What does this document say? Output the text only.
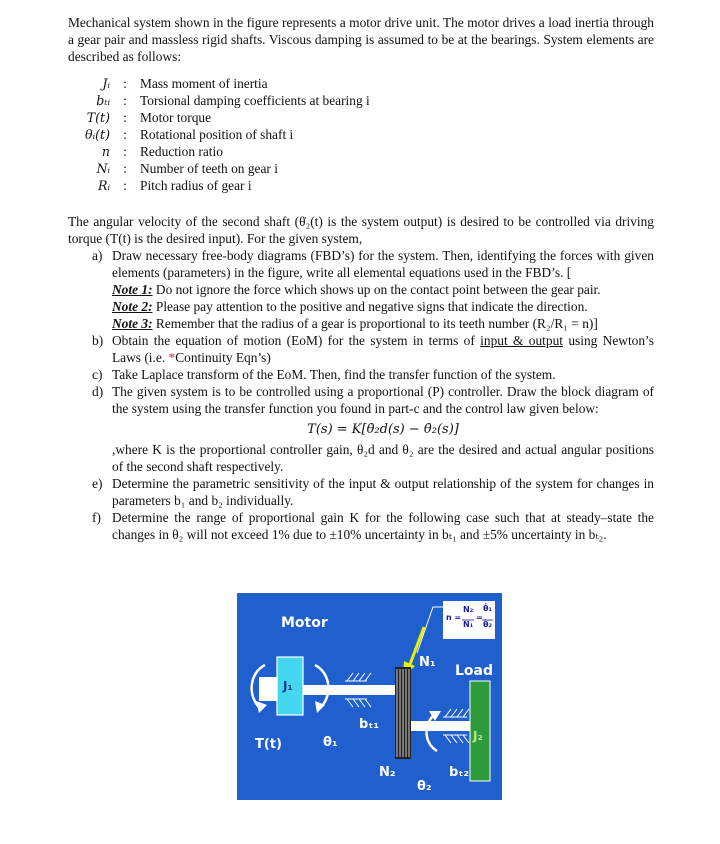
Mechanical system shown in the figure represents a motor drive unit. The motor drives a load inertia through a gear pair and massless rigid shafts. Viscous damping is assumed to be at the bearings. System elements are described as follows:

Jᵢ	:	Mass moment of inertia
bₜᵢ	:	Torsional damping coefficients at bearing i
T(t)	:	Motor torque
θᵢ(t)	:	Rotational position of shaft i
n	:	Reduction ratio
Nᵢ	:	Number of teeth on gear i
Rᵢ	:	Pitch radius of gear i

The angular velocity of the second shaft (θ̇₂(t) is the system output) is desired to be controlled via driving torque (T(t) is the desired input). For the given system,

a) Draw necessary free-body diagrams (FBD’s) for the system. Then, identifying the forces with given elements (parameters) in the figure, write all elemental equations used in the FBD’s. [
Note 1: Do not ignore the force which shows up on the contact point between the gear pair.
Note 2: Please pay attention to the positive and negative signs that indicate the direction.
Note 3: Remember that the radius of a gear is proportional to its teeth number (R₂/R₁ = n)]
b) Obtain the equation of motion (EoM) for the system in terms of input & output using Newton’s Laws (i.e. *Continuity Eqn’s)
c) Take Laplace transform of the EoM. Then, find the transfer function of the system.
d) The given system is to be controlled using a proportional (P) controller. Draw the block diagram of the system using the transfer function you found in part-c and the control law given below:
T(s) = K[θ̇₂d(s) − θ̇₂(s)]
,where K is the proportional controller gain, θ₂d and θ₂ are the desired and actual angular positions of the second shaft respectively.
e) Determine the parametric sensitivity of the input & output relationship of the system for changes in parameters b₁ and b₂ individually.
f) Determine the range of proportional gain K for the following case such that at steady–state the changes in θ₂ will not exceed 1% due to ±10% uncertainty in bₜ₁ and ±5% uncertainty in bₜ₂.
Motor
Load
J₁
J₂
T(t)	θ₁
bₜ₁
N₁
N₂	bₜ₂
θ₂
n =
N₂
N₁
=
θ̇₁
θ̇₂
